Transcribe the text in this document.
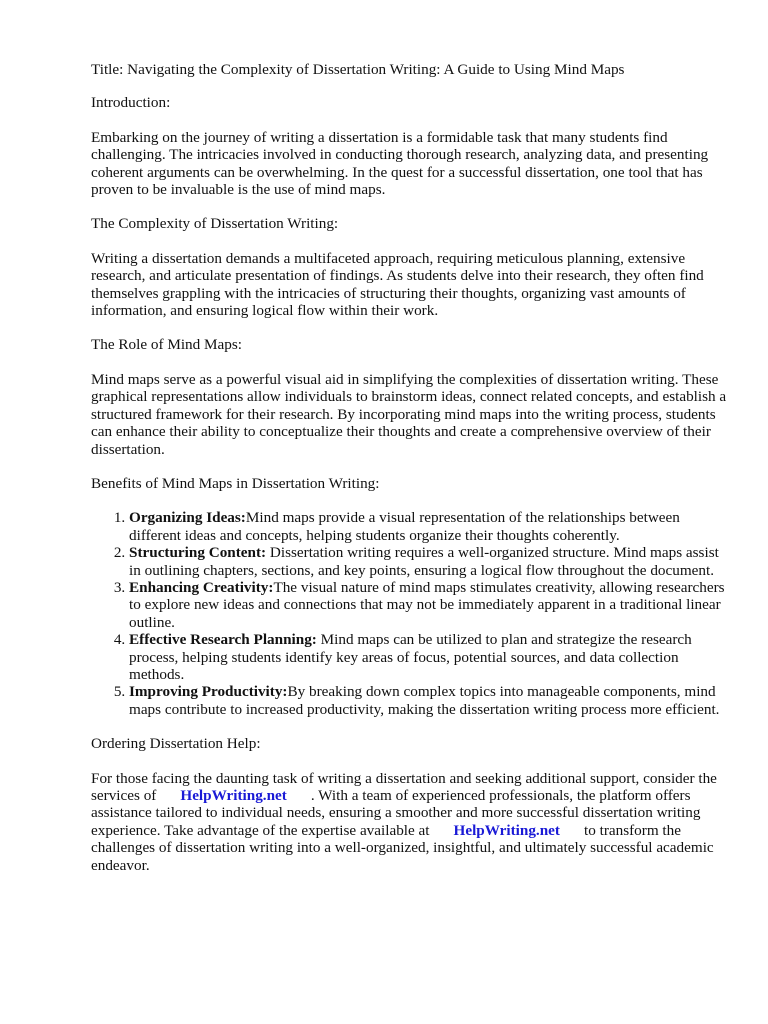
Title: Navigating the Complexity of Dissertation Writing: A Guide to Using Mind Maps

Introduction:

Embarking on the journey of writing a dissertation is a formidable task that many students find challenging. The intricacies involved in conducting thorough research, analyzing data, and presenting coherent arguments can be overwhelming. In the quest for a successful dissertation, one tool that has proven to be invaluable is the use of mind maps.

The Complexity of Dissertation Writing:

Writing a dissertation demands a multifaceted approach, requiring meticulous planning, extensive research, and articulate presentation of findings. As students delve into their research, they often find themselves grappling with the intricacies of structuring their thoughts, organizing vast amounts of information, and ensuring logical flow within their work.

The Role of Mind Maps:

Mind maps serve as a powerful visual aid in simplifying the complexities of dissertation writing. These graphical representations allow individuals to brainstorm ideas, connect related concepts, and establish a structured framework for their research. By incorporating mind maps into the writing process, students can enhance their ability to conceptualize their thoughts and create a comprehensive overview of their dissertation.

Benefits of Mind Maps in Dissertation Writing:

1. Organizing Ideas:Mind maps provide a visual representation of the relationships between different ideas and concepts, helping students organize their thoughts coherently.
2. Structuring Content: Dissertation writing requires a well-organized structure. Mind maps assist in outlining chapters, sections, and key points, ensuring a logical flow throughout the document.
3. Enhancing Creativity:The visual nature of mind maps stimulates creativity, allowing researchers to explore new ideas and connections that may not be immediately apparent in a traditional linear outline.
4. Effective Research Planning: Mind maps can be utilized to plan and strategize the research process, helping students identify key areas of focus, potential sources, and data collection methods.
5. Improving Productivity:By breaking down complex topics into manageable components, mind maps contribute to increased productivity, making the dissertation writing process more efficient.

Ordering Dissertation Help:

For those facing the daunting task of writing a dissertation and seeking additional support, consider the services of HelpWriting.net . With a team of experienced professionals, the platform offers assistance tailored to individual needs, ensuring a smoother and more successful dissertation writing experience. Take advantage of the expertise available at HelpWriting.net to transform the challenges of dissertation writing into a well-organized, insightful, and ultimately successful academic endeavor.
